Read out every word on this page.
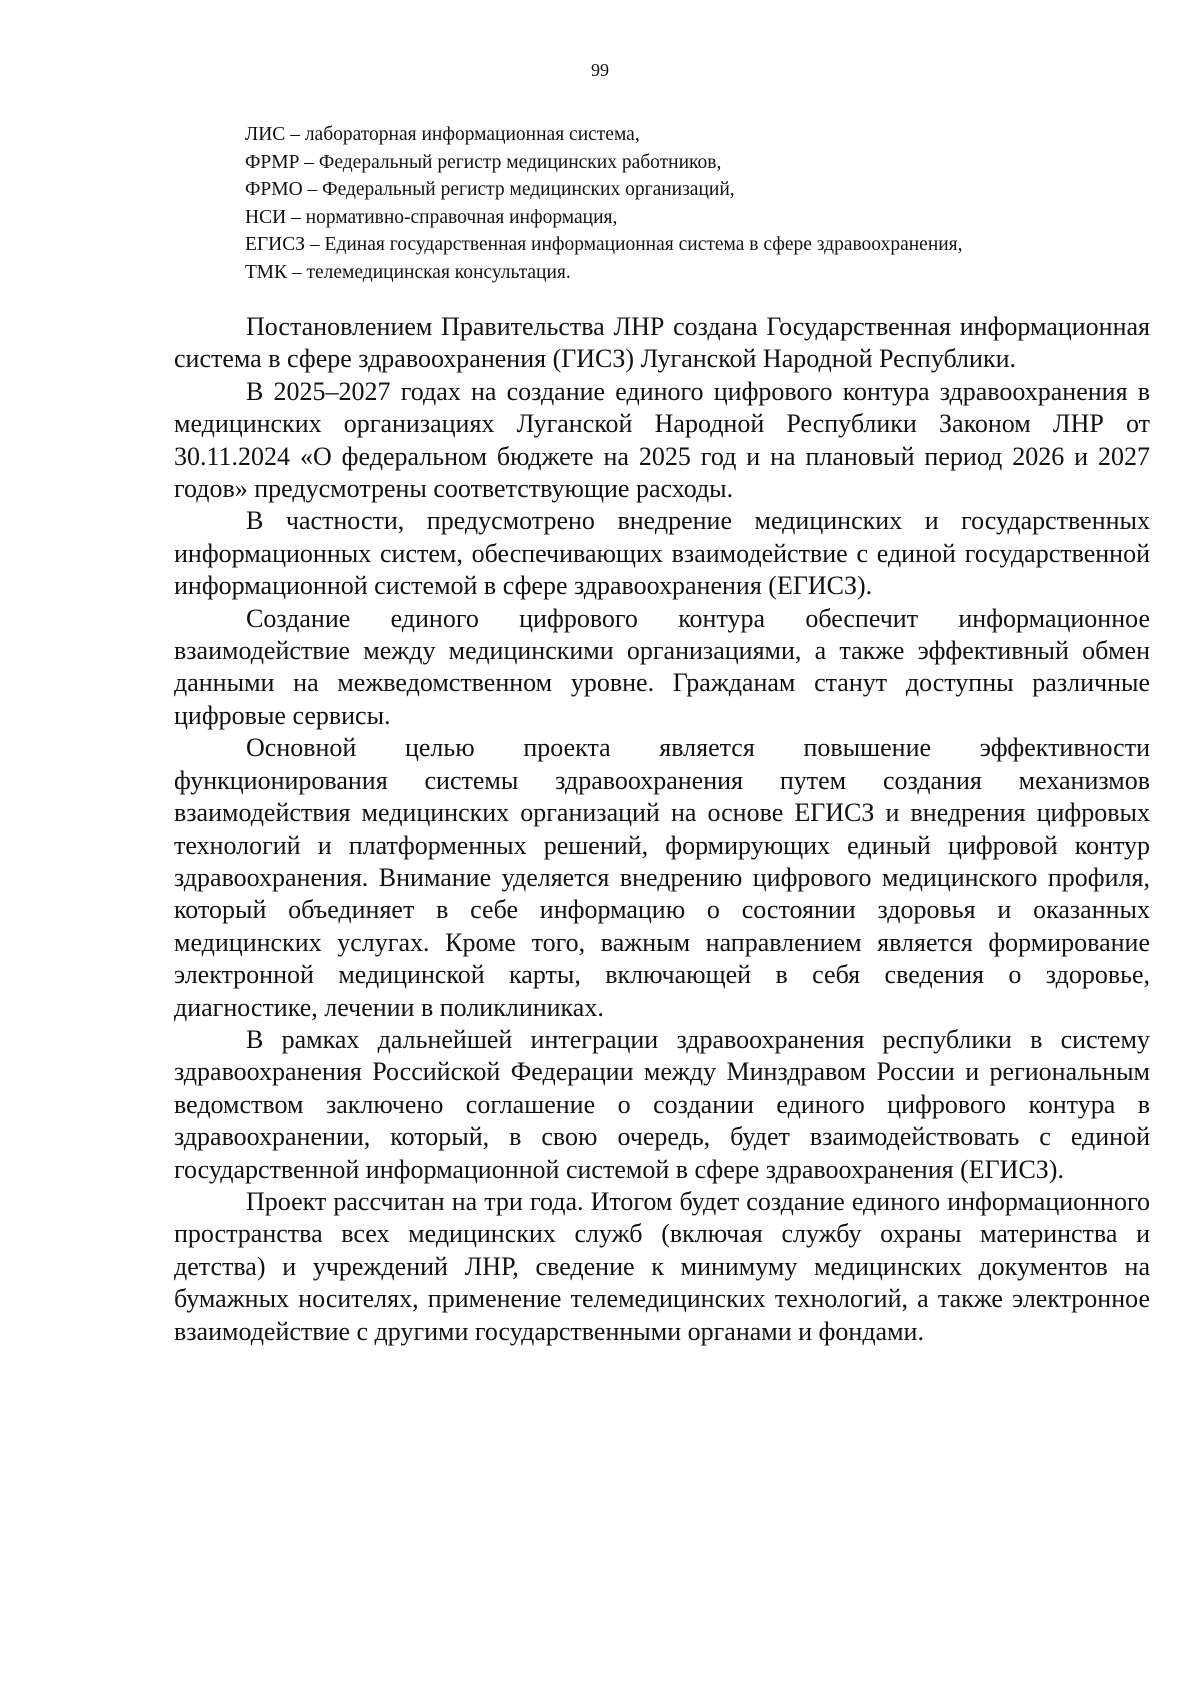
99
ЛИС – лабораторная информационная система,
ФРМР – Федеральный регистр медицинских работников,
ФРМО – Федеральный регистр медицинских организаций,
НСИ – нормативно-справочная информация,
ЕГИСЗ – Единая государственная информационная система в сфере здравоохранения,
ТМК – телемедицинская консультация.

Постановлением Правительства ЛНР создана Государственная информационная система в сфере здравоохранения (ГИСЗ) Луганской Народной Республики.

В 2025–2027 годах на создание единого цифрового контура здравоохранения в медицинских организациях Луганской Народной Республики Законом ЛНР от 30.11.2024 «О федеральном бюджете на 2025 год и на плановый период 2026 и 2027 годов» предусмотрены соответствующие расходы.

В частности, предусмотрено внедрение медицинских и государственных информационных систем, обеспечивающих взаимодействие с единой государственной информационной системой в сфере здравоохранения (ЕГИСЗ).

Создание единого цифрового контура обеспечит информационное взаимодействие между медицинскими организациями, а также эффективный обмен данными на межведомственном уровне. Гражданам станут доступны различные цифровые сервисы.

Основной целью проекта является повышение эффективности функционирования системы здравоохранения путем создания механизмов взаимодействия медицинских организаций на основе ЕГИСЗ и внедрения цифровых технологий и платформенных решений, формирующих единый цифровой контур здравоохранения. Внимание уделяется внедрению цифрового медицинского профиля, который объединяет в себе информацию о состоянии здоровья и оказанных медицинских услугах. Кроме того, важным направлением является формирование электронной медицинской карты, включающей в себя сведения о здоровье, диагностике, лечении в поликлиниках.

В рамках дальнейшей интеграции здравоохранения республики в систему здравоохранения Российской Федерации между Минздравом России и региональным ведомством заключено соглашение о создании единого цифрового контура в здравоохранении, который, в свою очередь, будет взаимодействовать с единой государственной информационной системой в сфере здравоохранения (ЕГИСЗ).

Проект рассчитан на три года. Итогом будет создание единого информационного пространства всех медицинских служб (включая службу охраны материнства и детства) и учреждений ЛНР, сведение к минимуму медицинских документов на бумажных носителях, применение телемедицинских технологий, а также электронное взаимодействие с другими государственными органами и фондами.
